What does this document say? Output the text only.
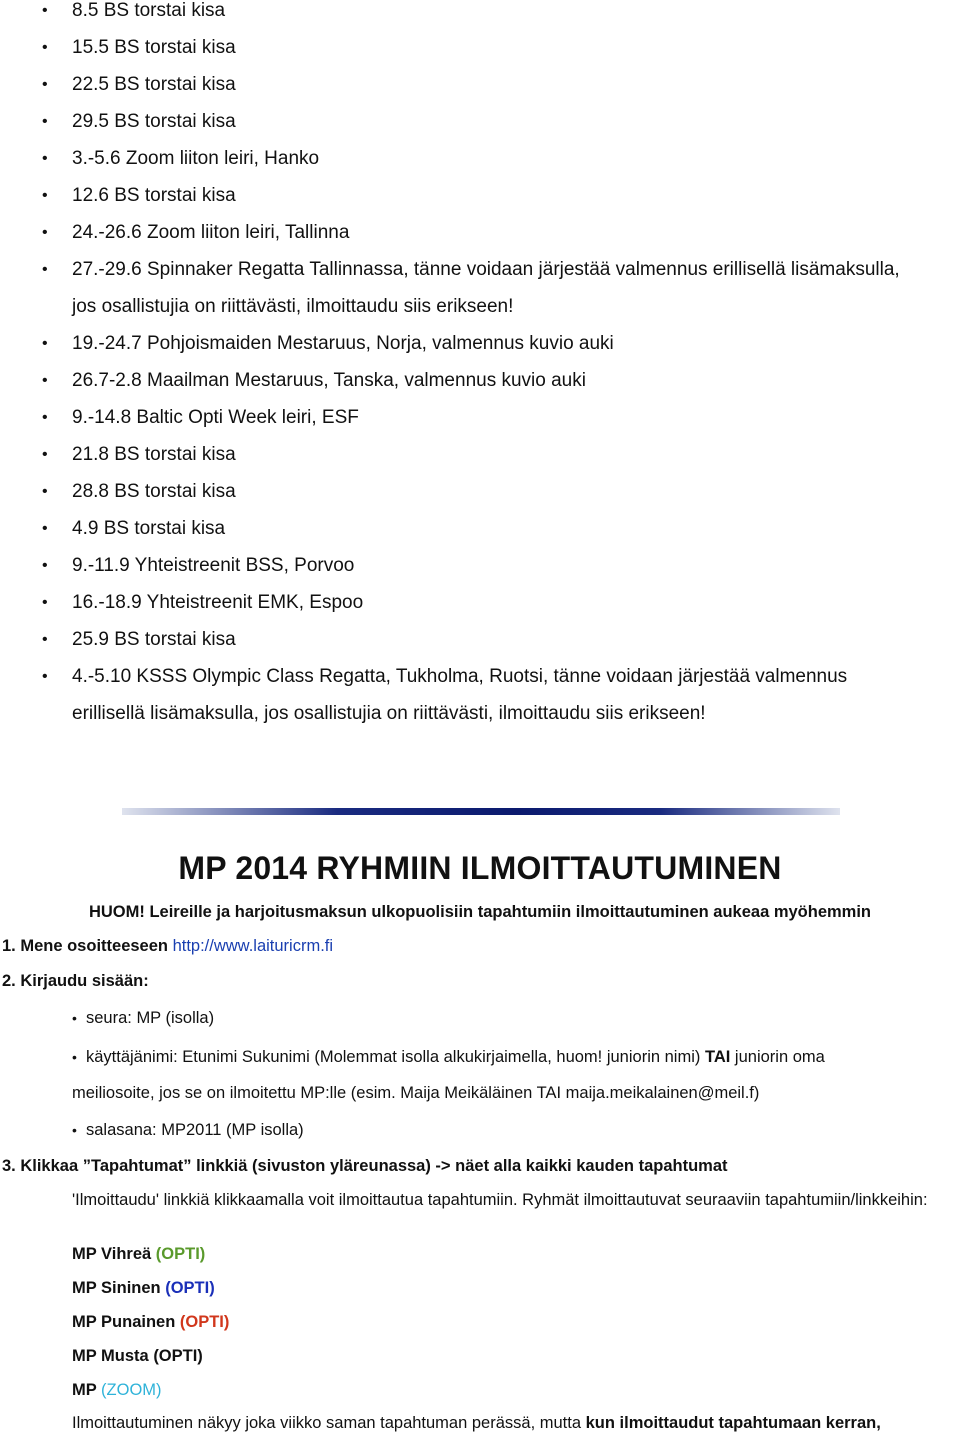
• 8.5 BS torstai kisa
• 15.5 BS torstai kisa
• 22.5 BS torstai kisa
• 29.5 BS torstai kisa
• 3.-5.6 Zoom liiton leiri, Hanko
• 12.6 BS torstai kisa
• 24.-26.6 Zoom liiton leiri, Tallinna
• 27.-29.6 Spinnaker Regatta Tallinnassa, tänne voidaan järjestää valmennus erillisellä lisämaksulla,
jos osallistujia on riittävästi, ilmoittaudu siis erikseen!
• 19.-24.7 Pohjoismaiden Mestaruus, Norja, valmennus kuvio auki
• 26.7-2.8 Maailman Mestaruus, Tanska, valmennus kuvio auki
• 9.-14.8 Baltic Opti Week leiri, ESF
• 21.8 BS torstai kisa
• 28.8 BS torstai kisa
• 4.9 BS torstai kisa
• 9.-11.9 Yhteistreenit BSS, Porvoo
• 16.-18.9 Yhteistreenit EMK, Espoo
• 25.9 BS torstai kisa
• 4.-5.10 KSSS Olympic Class Regatta, Tukholma, Ruotsi, tänne voidaan järjestää valmennus
erillisellä lisämaksulla, jos osallistujia on riittävästi, ilmoittaudu siis erikseen!
MP 2014 RYHMIIN ILMOITTAUTUMINEN
HUOM! Leireille ja harjoitusmaksun ulkopuolisiin tapahtumiin ilmoittautuminen aukeaa myöhemmin
1. Mene osoitteeseen http://www.laituricrm.fi
2. Kirjaudu sisään:
• seura: MP (isolla)
• käyttäjänimi: Etunimi Sukunimi (Molemmat isolla alkukirjaimella, huom! juniorin nimi) TAI juniorin oma
meiliosoite, jos se on ilmoitettu MP:lle (esim. Maija Meikäläinen TAI maija.meikalainen@meil.f)
• salasana: MP2011 (MP isolla)
3. Klikkaa ”Tapahtumat” linkkiä (sivuston yläreunassa) -> näet alla kaikki kauden tapahtumat
'Ilmoittaudu' linkkiä klikkaamalla voit ilmoittautua tapahtumiin. Ryhmät ilmoittautuvat seuraaviin tapahtumiin/linkkeihin:
MP Vihreä (OPTI)
MP Sininen (OPTI)
MP Punainen (OPTI)
MP Musta (OPTI)
MP (ZOOM)
Ilmoittautuminen näkyy joka viikko saman tapahtuman perässä, mutta kun ilmoittaudut tapahtumaan kerran,
